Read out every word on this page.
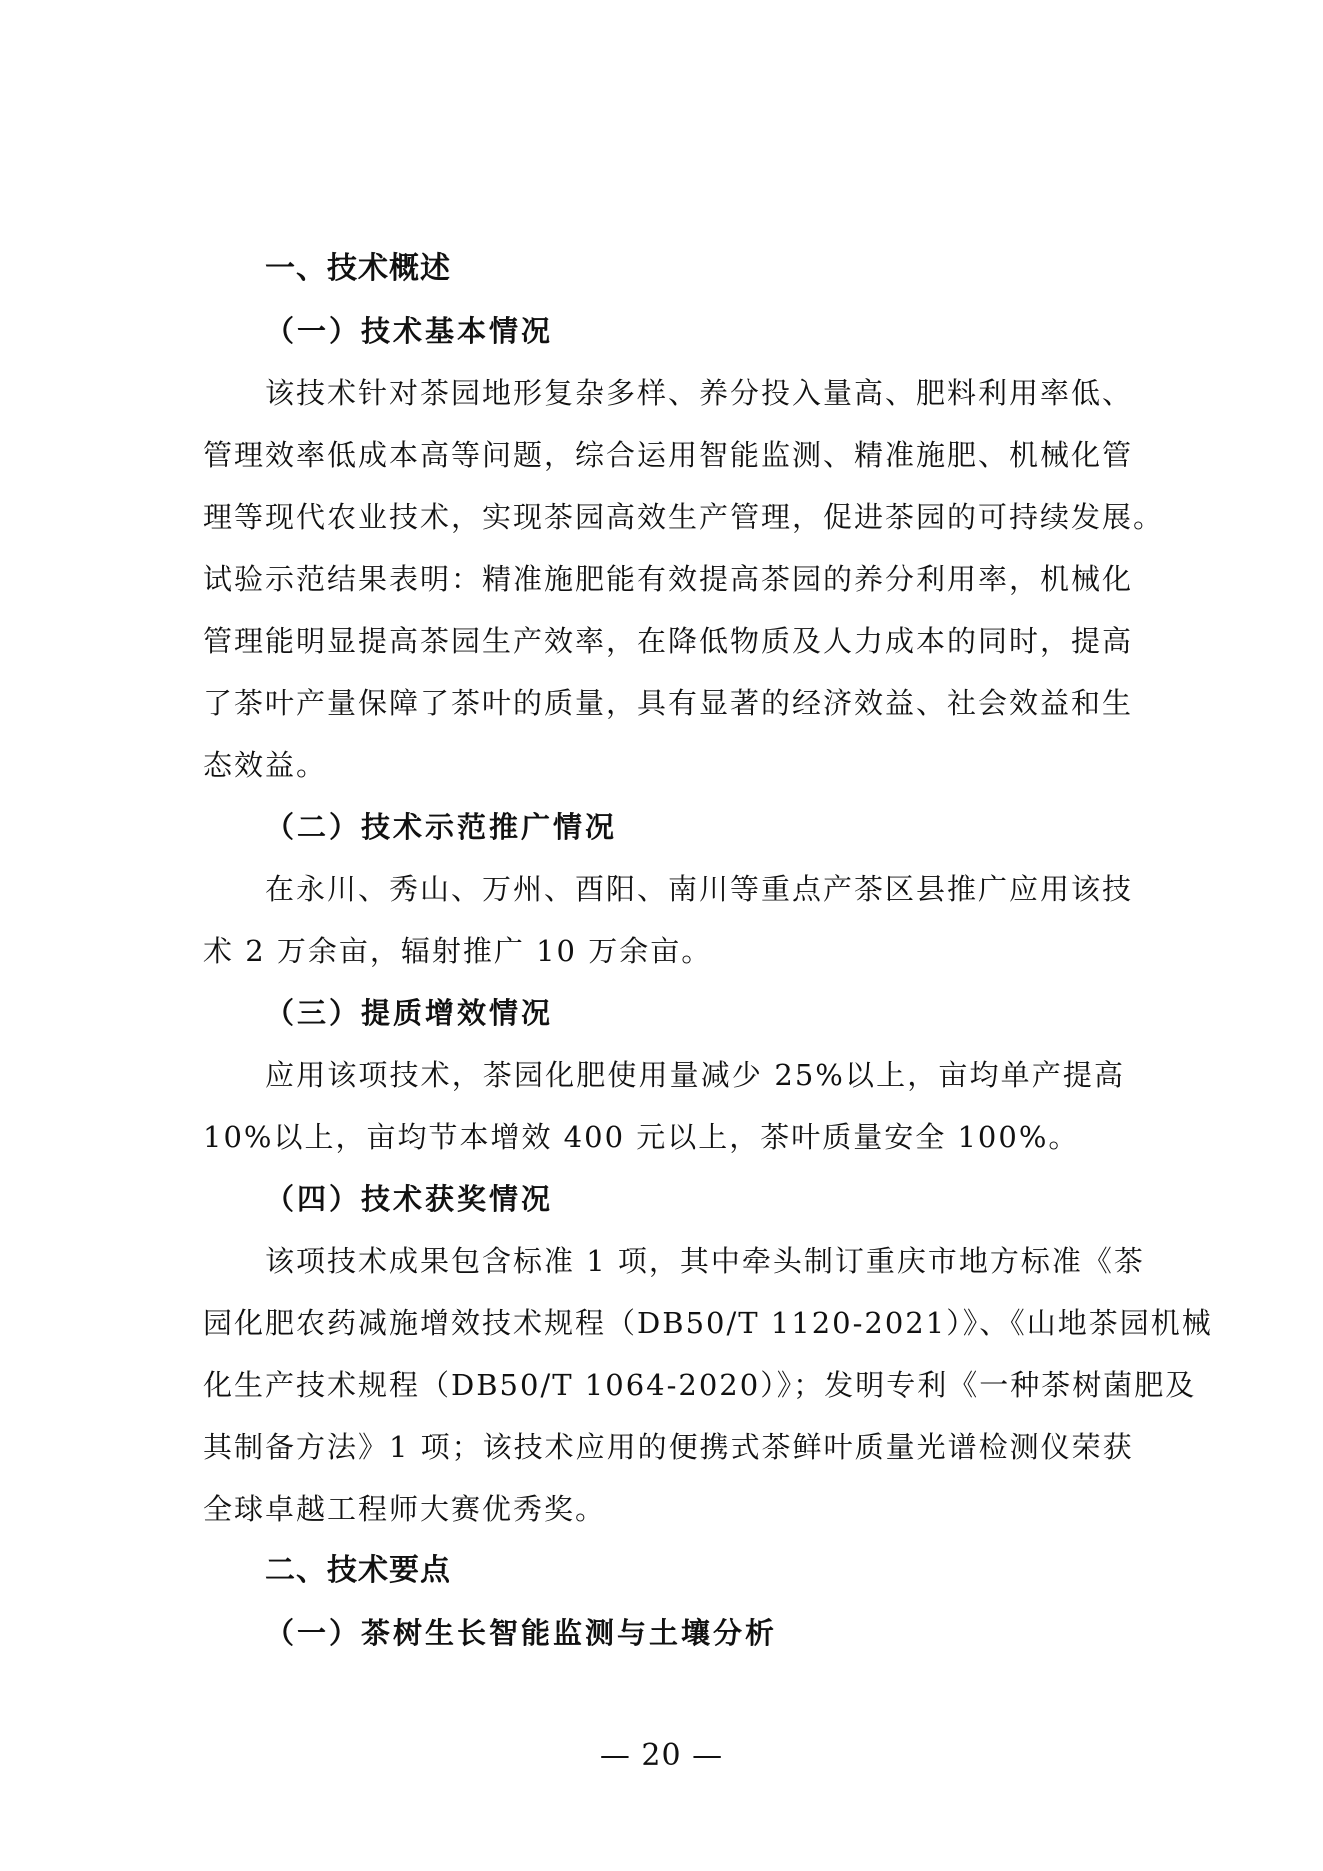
一、技术概述
（一）技术基本情况

该技术针对茶园地形复杂多样、养分投入量高、肥料利用率低、
管理效率低成本高等问题，综合运用智能监测、精准施肥、机械化管
理等现代农业技术，实现茶园高效生产管理，促进茶园的可持续发展。
试验示范结果表明：精准施肥能有效提高茶园的养分利用率，机械化
管理能明显提高茶园生产效率，在降低物质及人力成本的同时，提高
了茶叶产量保障了茶叶的质量，具有显著的经济效益、社会效益和生
态效益。

（二）技术示范推广情况

在永川、秀山、万州、酉阳、南川等重点产茶区县推广应用该技
术 2 万余亩，辐射推广 10 万余亩。

（三）提质增效情况

应用该项技术，茶园化肥使用量减少 25%以上，亩均单产提高
10%以上，亩均节本增效 400 元以上，茶叶质量安全 100%。

（四）技术获奖情况

该项技术成果包含标准 1 项，其中牵头制订重庆市地方标准《茶
园化肥农药减施增效技术规程（DB50/T 1120-2021）》、《山地茶园机械
化生产技术规程（DB50/T 1064-2020）》；发明专利《一种茶树菌肥及
其制备方法》1 项；该技术应用的便携式茶鲜叶质量光谱检测仪荣获
全球卓越工程师大赛优秀奖。

二、技术要点
（一）茶树生长智能监测与土壤分析
— 20 —
